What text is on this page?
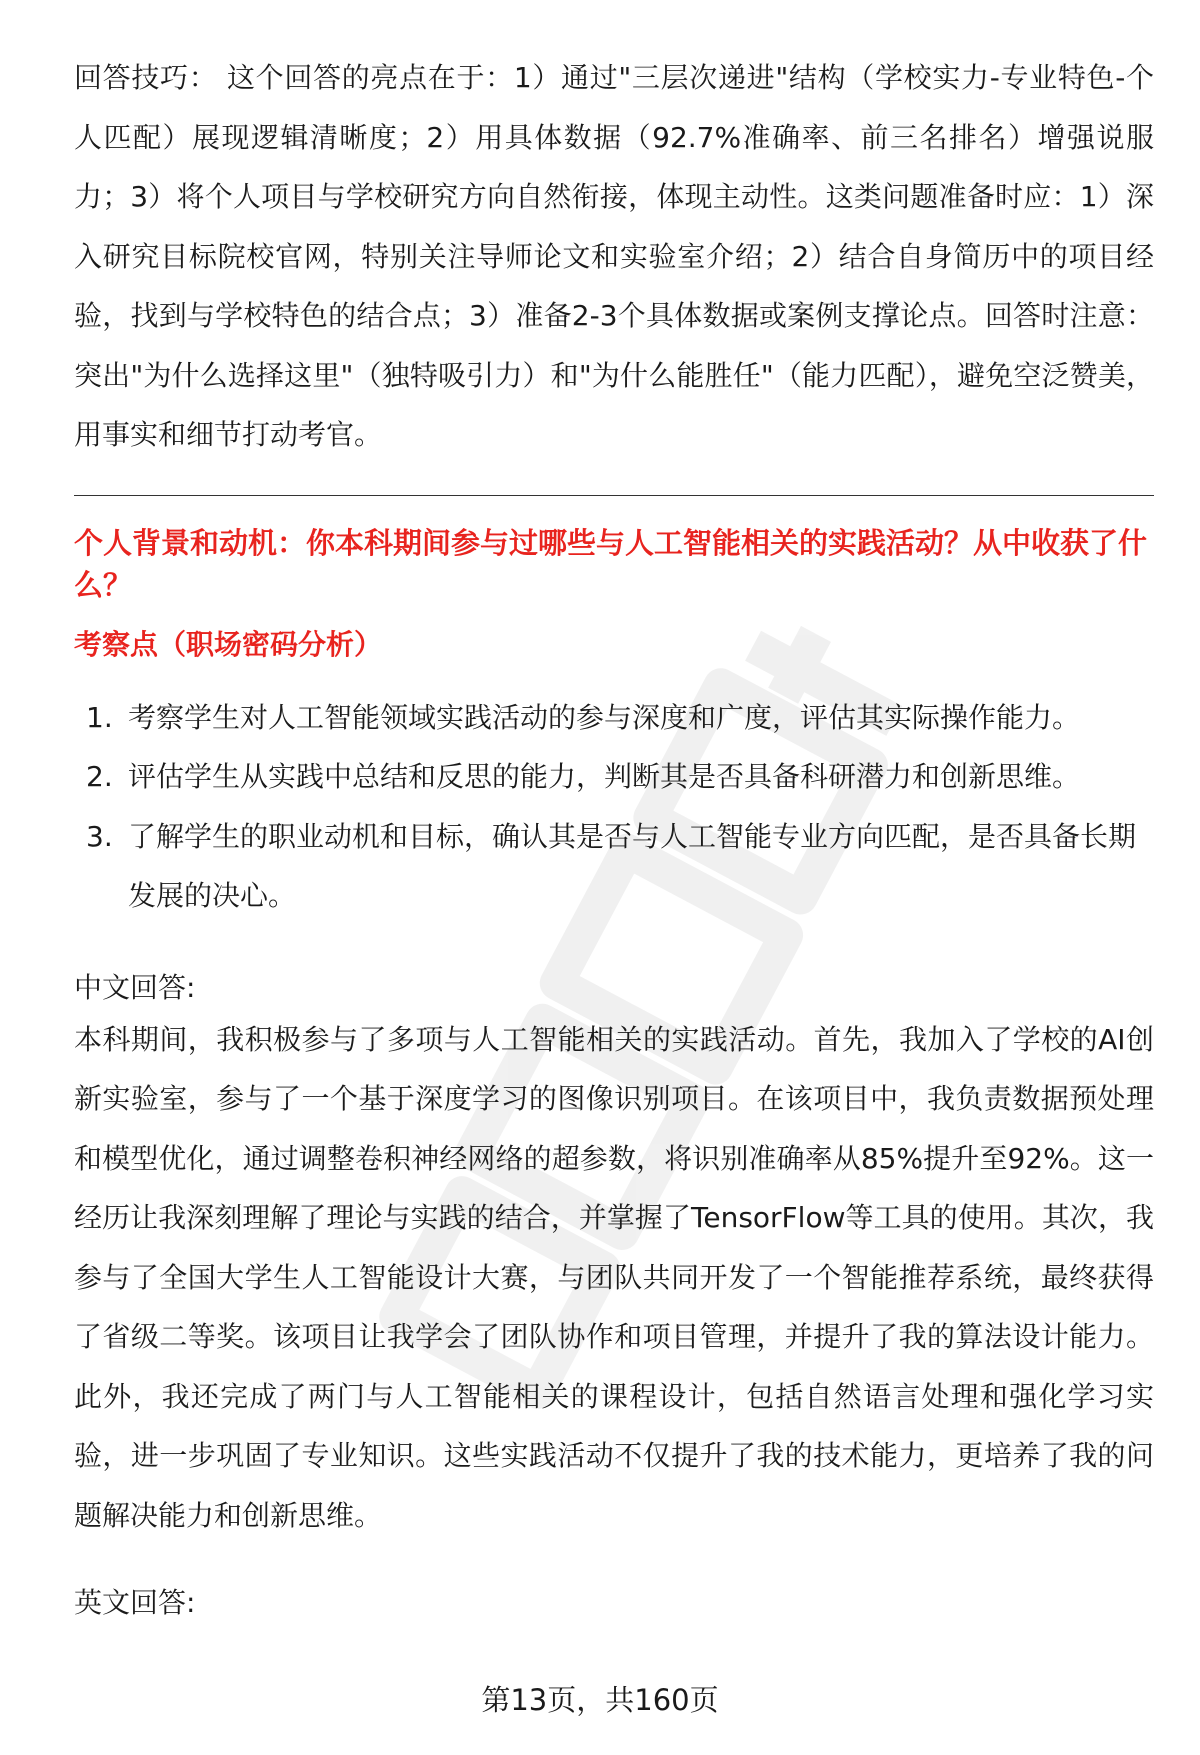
回答技巧： 这个回答的亮点在于：1）通过"三层次递进"结构（学校实力-专业特色-个人匹配）展现逻辑清晰度；2）用具体数据（92.7%准确率、前三名排名）增强说服力；3）将个人项目与学校研究方向自然衔接，体现主动性。这类问题准备时应：1）深入研究目标院校官网，特别关注导师论文和实验室介绍；2）结合自身简历中的项目经验，找到与学校特色的结合点；3）准备2-3个具体数据或案例支撑论点。回答时注意：突出"为什么选择这里"（独特吸引力）和"为什么能胜任"（能力匹配），避免空泛赞美，用事实和细节打动考官。

个人背景和动机：你本科期间参与过哪些与人工智能相关的实践活动？从中收获了什么？

考察点（职场密码分析）

1. 考察学生对人工智能领域实践活动的参与深度和广度，评估其实际操作能力。
2. 评估学生从实践中总结和反思的能力，判断其是否具备科研潜力和创新思维。
3. 了解学生的职业动机和目标，确认其是否与人工智能专业方向匹配，是否具备长期发展的决心。

中文回答:

本科期间，我积极参与了多项与人工智能相关的实践活动。首先，我加入了学校的AI创新实验室，参与了一个基于深度学习的图像识别项目。在该项目中，我负责数据预处理和模型优化，通过调整卷积神经网络的超参数，将识别准确率从85%提升至92%。这一经历让我深刻理解了理论与实践的结合，并掌握了TensorFlow等工具的使用。其次，我参与了全国大学生人工智能设计大赛，与团队共同开发了一个智能推荐系统，最终获得了省级二等奖。该项目让我学会了团队协作和项目管理，并提升了我的算法设计能力。此外，我还完成了两门与人工智能相关的课程设计，包括自然语言处理和强化学习实验，进一步巩固了专业知识。这些实践活动不仅提升了我的技术能力，更培养了我的问题解决能力和创新思维。

英文回答:

第13页，共160页
